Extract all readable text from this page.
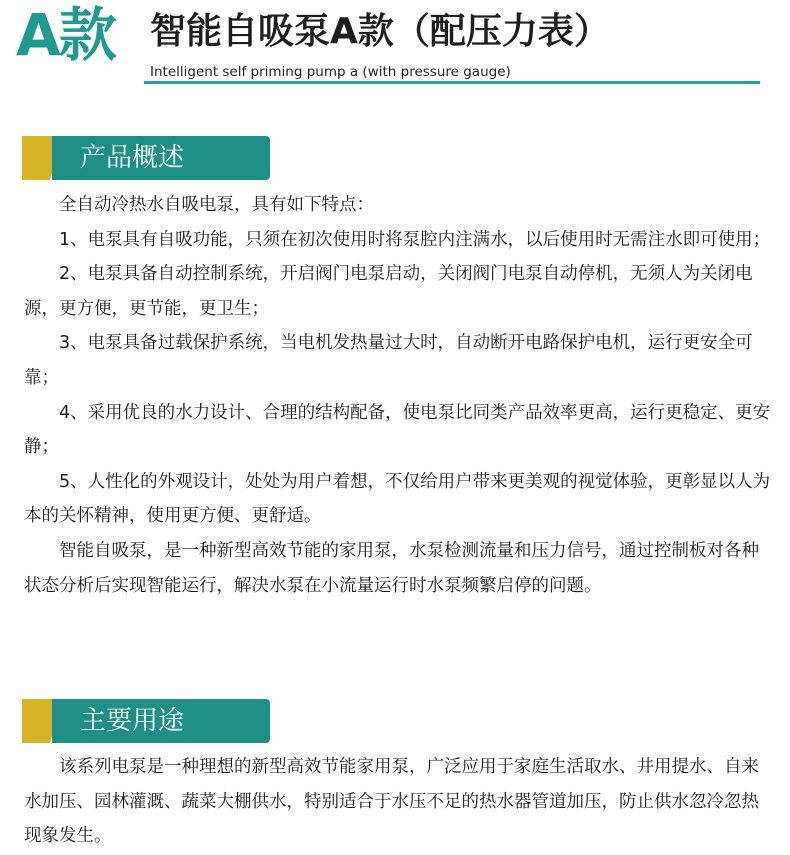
A款 智能自吸泵A款（配压力表）
Intelligent self priming pump a (with pressure gauge)
产品概述

全自动冷热水自吸电泵，具有如下特点：

1、电泵具有自吸功能，只须在初次使用时将泵腔内注满水，以后使用时无需注水即可使用；

2、电泵具备自动控制系统，开启阀门电泵启动，关闭阀门电泵自动停机，无须人为关闭电源，更方便，更节能，更卫生；

3、电泵具备过载保护系统，当电机发热量过大时，自动断开电路保护电机，运行更安全可靠；

4、采用优良的水力设计、合理的结构配备，使电泵比同类产品效率更高，运行更稳定、更安静；

5、人性化的外观设计，处处为用户着想，不仅给用户带来更美观的视觉体验，更彰显以人为本的关怀精神，使用更方便、更舒适。

智能自吸泵，是一种新型高效节能的家用泵，水泵检测流量和压力信号，通过控制板对各种状态分析后实现智能运行，解决水泵在小流量运行时水泵频繁启停的问题。

主要用途

该系列电泵是一种理想的新型高效节能家用泵，广泛应用于家庭生活取水、井用提水、自来水加压、园林灌溉、蔬菜大棚供水，特别适合于水压不足的热水器管道加压，防止供水忽冷忽热现象发生。
